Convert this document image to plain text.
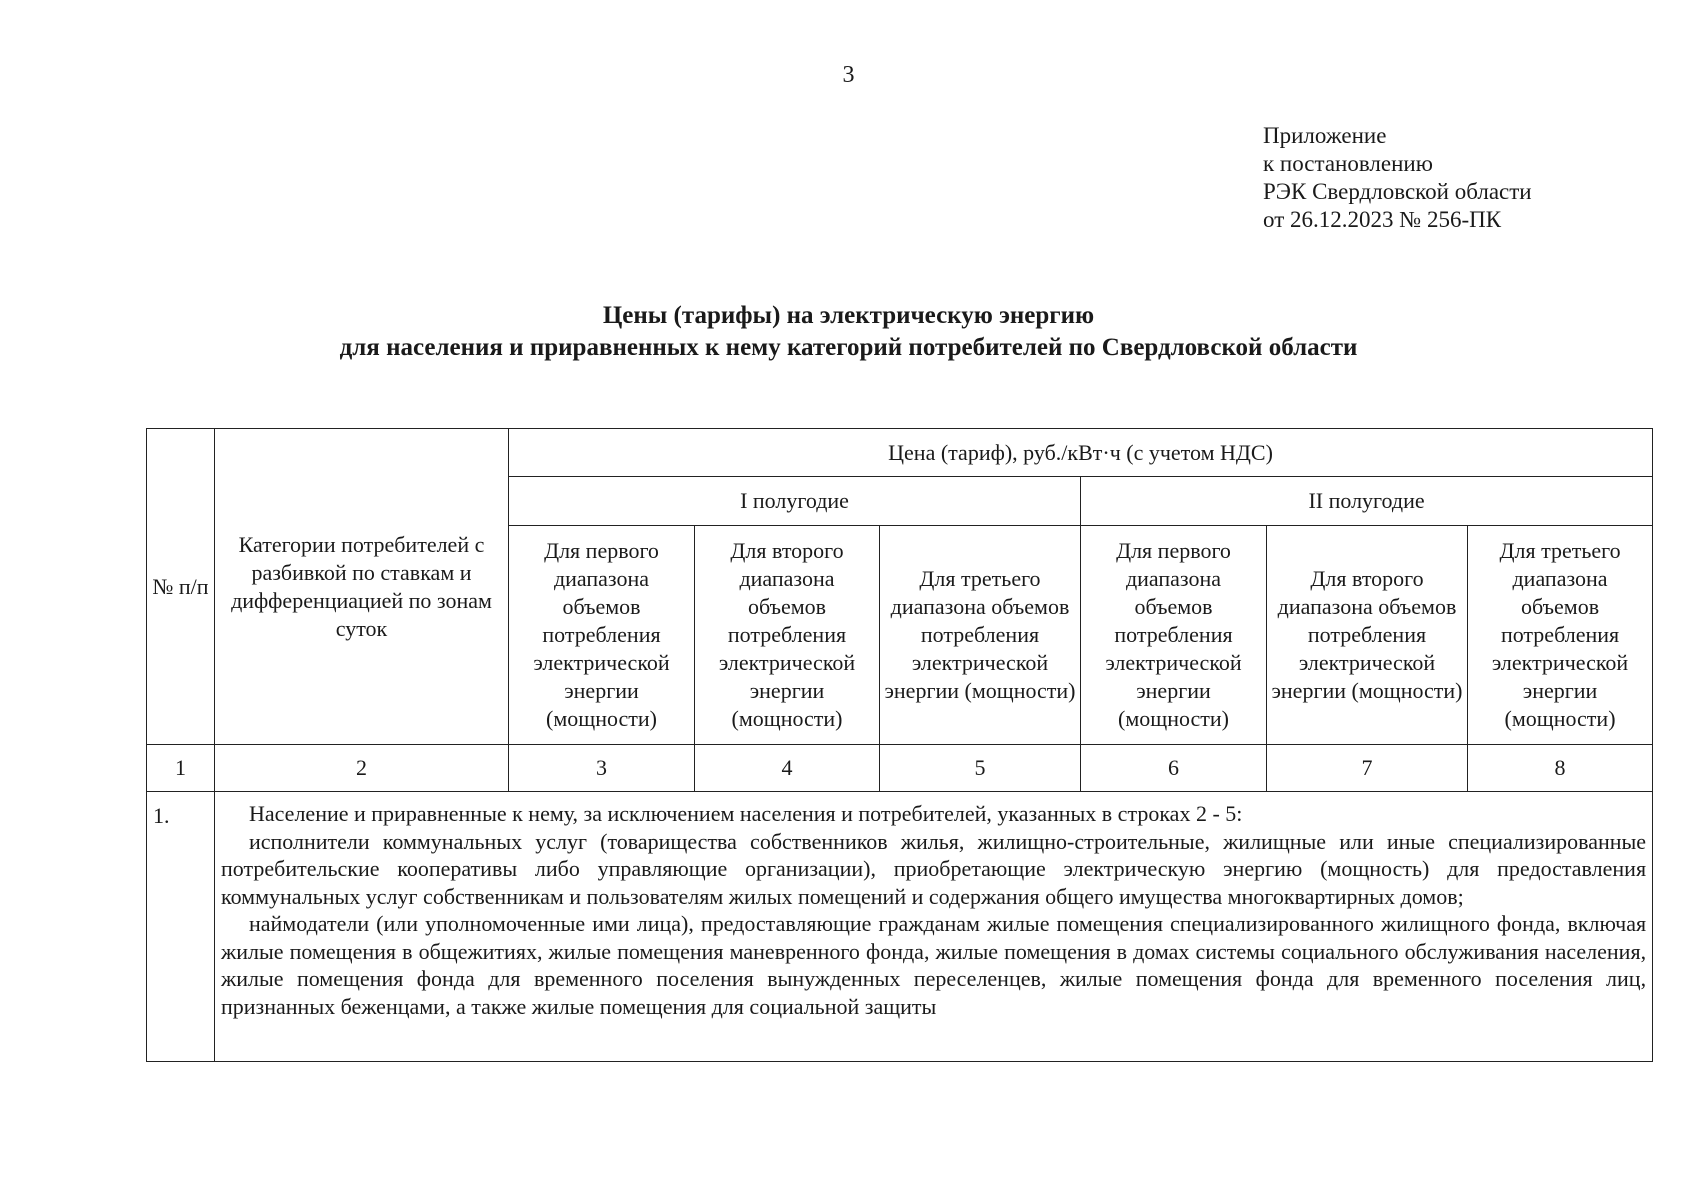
3
Приложение
к постановлению
РЭК Свердловской области
от 26.12.2023 № 256-ПК
Цены (тарифы) на электрическую энергию
для населения и приравненных к нему категорий потребителей по Свердловской области
№ п/п	Категории потребителей с разбивкой по ставкам и дифференциацией по зонам суток	Цена (тариф), руб./кВт·ч (с учетом НДС)					
		I полугодие			II полугодие		
		Для первого диапазона объемов потребления электрической энергии (мощности)	Для второго диапазона объемов потребления электрической энергии (мощности)	Для третьего диапазона объемов потребления электрической энергии (мощности)	Для первого диапазона объемов потребления электрической энергии (мощности)	Для второго диапазона объемов потребления электрической энергии (мощности)	Для третьего диапазона объемов потребления электрической энергии (мощности)
1	2	3	4	5	6	7	8
1.	Население и приравненные к нему, за исключением населения и потребителей, указанных в строках 2 - 5:

исполнители коммунальных услуг (товарищества собственников жилья, жилищно-строительные, жилищные или иные специализированные потребительские кооперативы либо управляющие организации), приобретающие электрическую энергию (мощность) для предоставления коммунальных услуг собственникам и пользователям жилых помещений и содержания общего имущества многоквартирных домов;

наймодатели (или уполномоченные ими лица), предоставляющие гражданам жилые помещения специализированного жилищного фонда, включая жилые помещения в общежитиях, жилые помещения маневренного фонда, жилые помещения в домах системы социального обслуживания населения, жилые помещения фонда для временного поселения вынужденных переселенцев, жилые помещения фонда для временного поселения лиц, признанных беженцами, а также жилые помещения для социальной защиты						
